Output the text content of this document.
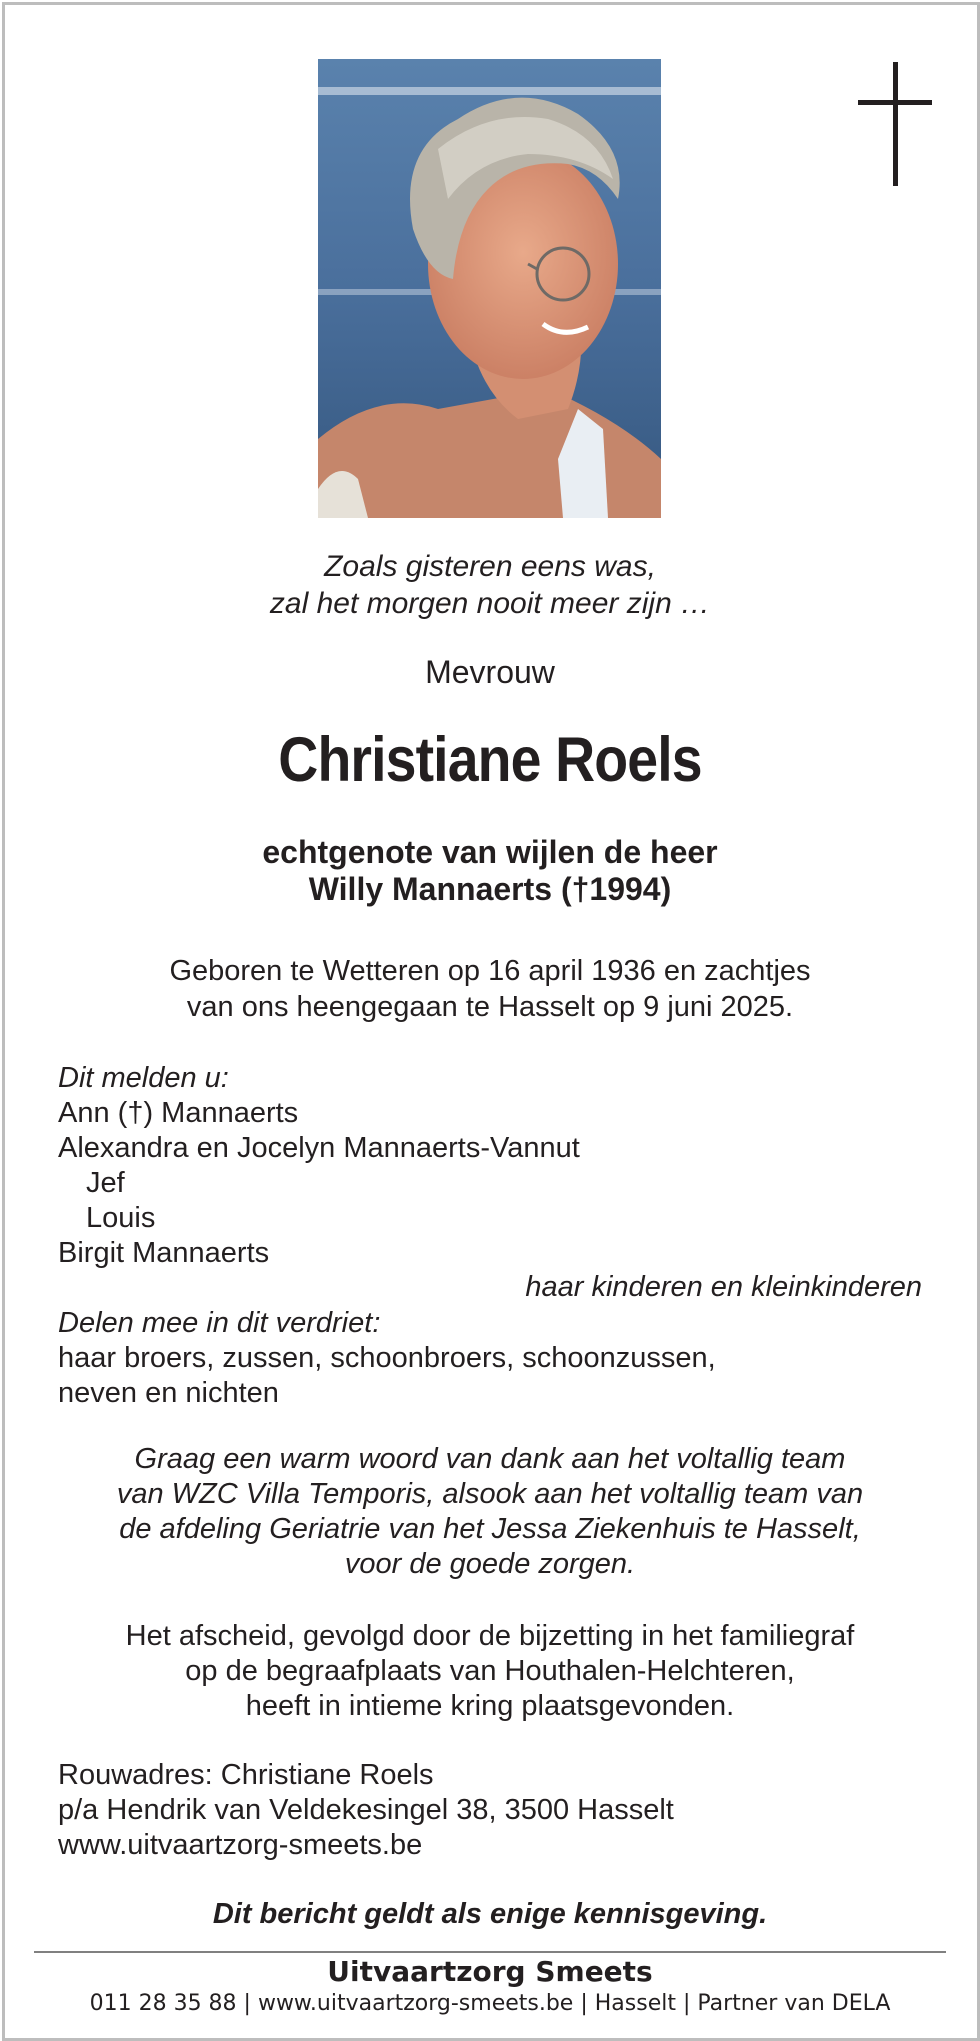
Zoals gisteren eens was,
zal het morgen nooit meer zijn …
Mevrouw
Christiane Roels
echtgenote van wijlen de heer
Willy Mannaerts (†1994)
Geboren te Wetteren op 16 april 1936 en zachtjes
van ons heengegaan te Hasselt op 9 juni 2025.
Dit melden u:
Ann (†) Mannaerts
Alexandra en Jocelyn Mannaerts-Vannut
Jef
Louis
Birgit Mannaerts
haar kinderen en kleinkinderen
Delen mee in dit verdriet:
haar broers, zussen, schoonbroers, schoonzussen,
neven en nichten
Graag een warm woord van dank aan het voltallig team
van WZC Villa Temporis, alsook aan het voltallig team van
de afdeling Geriatrie van het Jessa Ziekenhuis te Hasselt,
voor de goede zorgen.
Het afscheid, gevolgd door de bijzetting in het familiegraf
op de begraafplaats van Houthalen-Helchteren,
heeft in intieme kring plaatsgevonden.
Rouwadres: Christiane Roels
p/a Hendrik van Veldekesingel 38, 3500 Hasselt
www.uitvaartzorg-smeets.be
Dit bericht geldt als enige kennisgeving.
Uitvaartzorg Smeets
011 28 35 88 | www.uitvaartzorg-smeets.be | Hasselt | Partner van DELA
